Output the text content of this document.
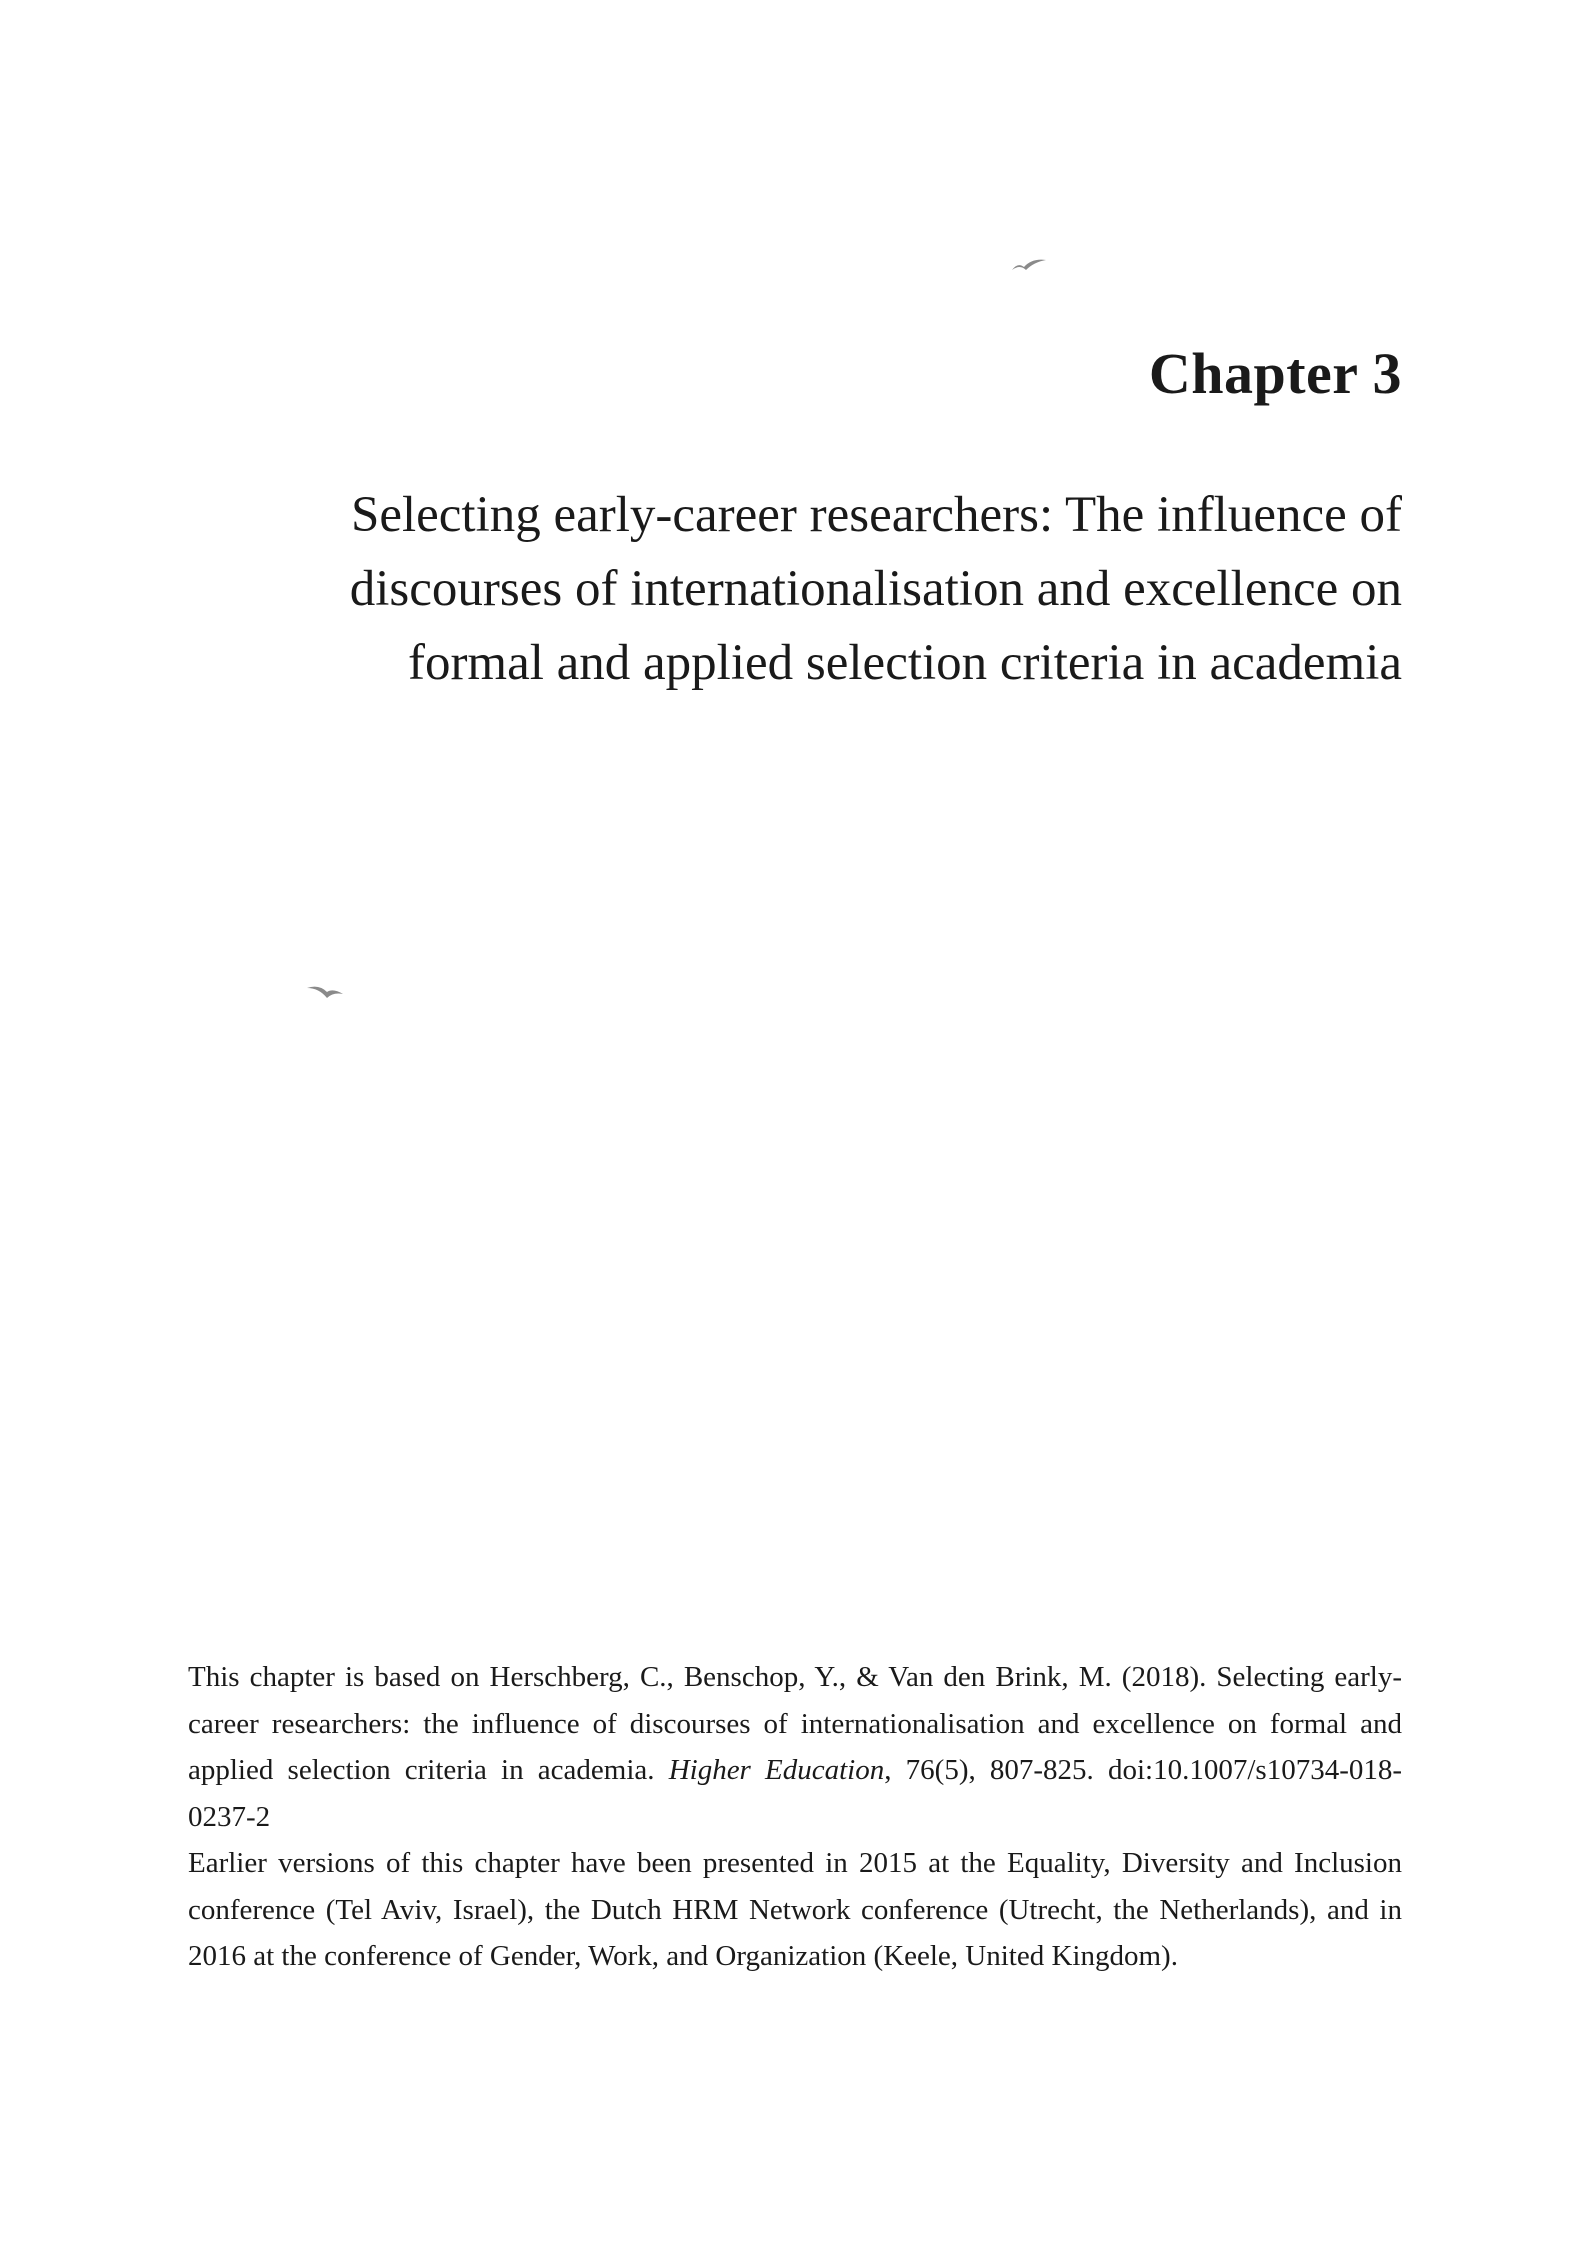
Chapter 3
Selecting early-career researchers: The influence of
discourses of internationalisation and excellence on
formal and applied selection criteria in academia

This chapter is based on Herschberg, C., Benschop, Y., & Van den Brink, M. (2018). Selecting early-career researchers: the influence of discourses of internationalisation and excellence on formal and applied selection criteria in academia. Higher Education, 76(5), 807-825. doi:10.1007/s10734-018-0237-2

Earlier versions of this chapter have been presented in 2015 at the Equality, Diversity and Inclusion conference (Tel Aviv, Israel), the Dutch HRM Network conference (Utrecht, the Netherlands), and in 2016 at the conference of Gender, Work, and Organization (Keele, United Kingdom).
